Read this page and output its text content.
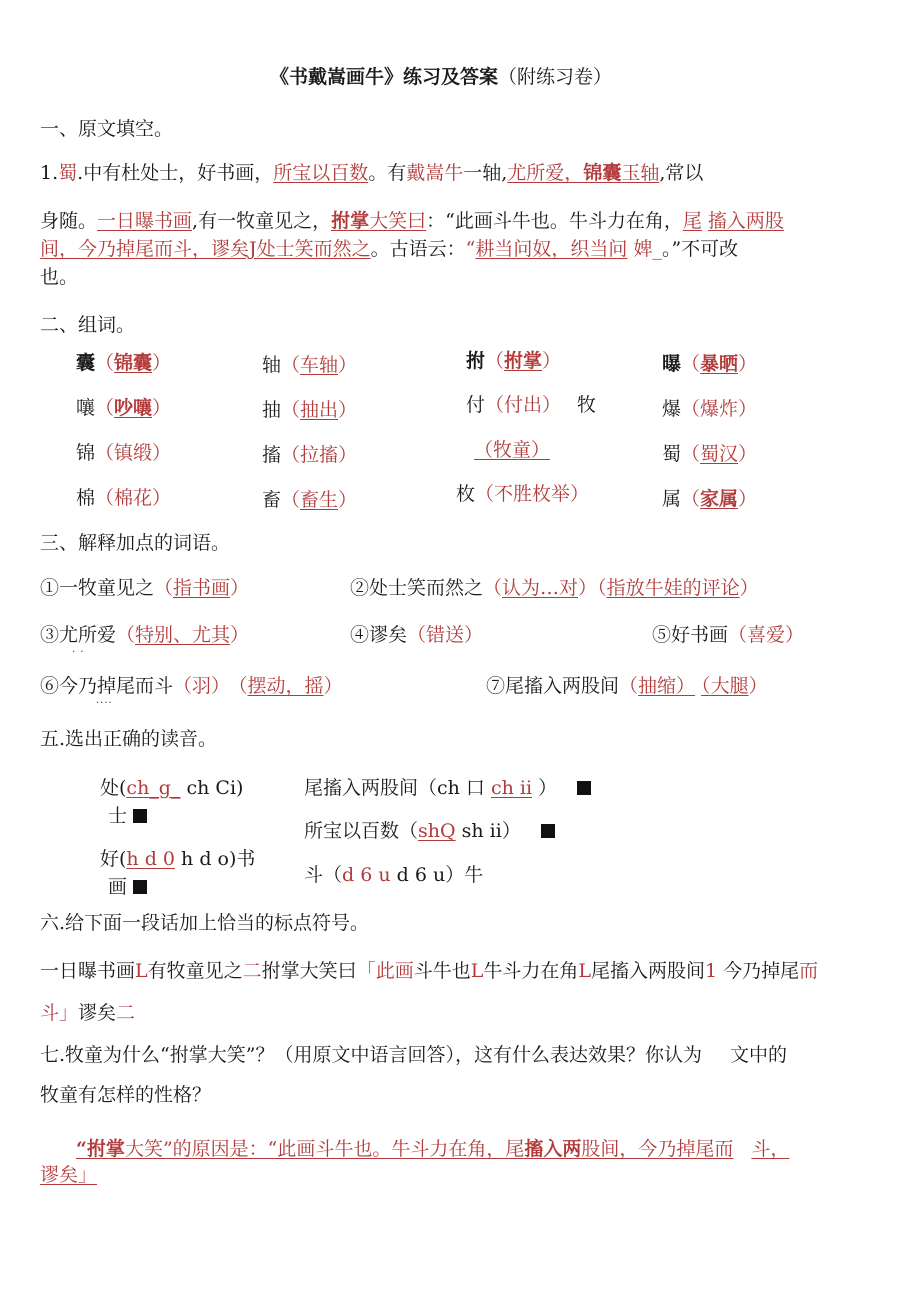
《书戴嵩画牛》练习及答案（附练习卷）
一、原文填空。
1.蜀.中有杜处士，好书画，所宝以百数。有戴嵩牛一轴,尤所爱，锦囊玉轴,常以
身随。一日曝书画,有一牧童见之，拊掌大笑曰：“此画斗牛也。牛斗力在角，尾 搐入两股
间，今乃掉尾而斗，谬矣J处士笑而然之。古语云：“耕当问奴，织当问 婢_。”不可改
也。
二、组词。
囊（锦囊）
嚷（吵嚷）
锦（镇缎）
棉（棉花）
轴（车轴）
抽（抽出）
搐（拉搐）
畜（畜生）
拊（拊掌）
付（付出） 牧
（牧童）
枚（不胜枚举）
曝（暴晒）
爆（爆炸）
蜀（蜀汉）
属（家属）
三、解释加点的词语。
①一牧童见之（指书画）	②处士笑而然之（认为…对）（指放牛娃的评论）
③尤所爱（特别、尤其）
· ·
④谬矣（错送）	⑤好书画（喜爱）
⑥今乃掉尾而斗（羽） （摆动，摇）
····
⑦尾搐入两股间（抽缩） （大腿）
五.选出正确的读音。
处(ch_g_ ch Ci)
士
好(h d 0 h d o)书
画
尾搐入两股间（ch 口 ch ii ）
所宝以百数（shQ sh ii）
斗（d 6 u d 6 u）牛
六.给下面一段话加上恰当的标点符号。
一日曝书画L有牧童见之二拊掌大笑曰「此画斗牛也L牛斗力在角L尾搐入两股间1 今乃掉尾而
斗」谬矣二
七.牧童为什么“拊掌大笑”？（用原文中语言回答），这有什么表达效果？你认为 文中的
牧童有怎样的性格？
“拊掌大笑”的原因是：“此画斗牛也。牛斗力在角，尾搐入两股间，今乃掉尾而 斗，
谬矣」
